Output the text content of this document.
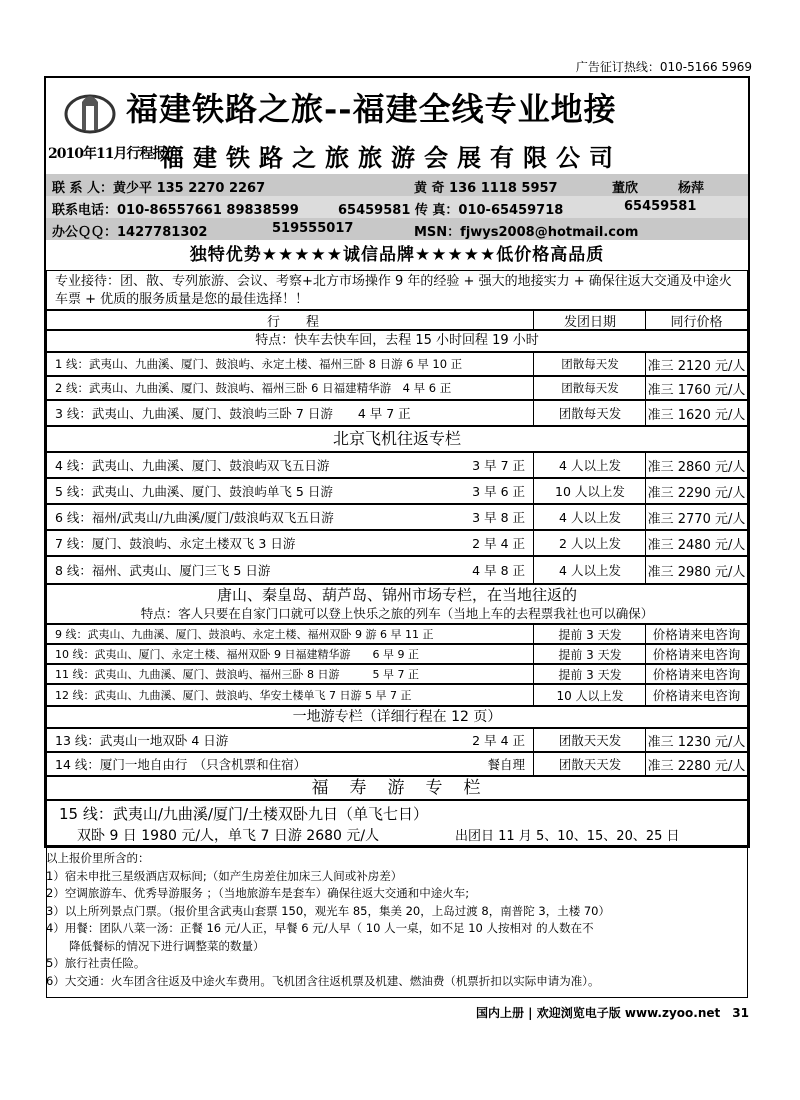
广告征订热线：010-5166 5969
福建铁路之旅--福建全线专业地接
2010年11月行程报价
福建铁路之旅旅游会展有限公司
联 系 人：黄少平 135 2270 2267	黄 奇 136 1118 5957	董欣	杨萍
联系电话：010-86557661 89838599	65459581 传 真：010-65459718	65459581
办公ＱＱ：1427781302	519555017	MSN：fjwys2008@hotmail.com
独特优势★★★★★诚信品牌★★★★★低价格高品质
专业接待：团、散、专列旅游、会议、考察+北方市场操作 9 年的经验 + 强大的地接实力 + 确保往返大交通及中途火车票 + 优质的服务质量是您的最佳选择！！
行　　程	发团日期	同行价格
特点：快车去快车回，去程 15 小时回程 19 小时
1 线：武夷山、九曲溪、厦门、鼓浪屿、永定土楼、福州三卧 8 日游 6 早 10 正	团散每天发	准三 2120 元/人
2 线：武夷山、九曲溪、厦门、鼓浪屿、福州三卧 6 日福建精华游　4 早 6 正	团散每天发	准三 1760 元/人
3 线：武夷山、九曲溪、厦门、鼓浪屿三卧 7 日游　　4 早 7 正	团散每天发	准三 1620 元/人
北京飞机往返专栏
4 线：武夷山、九曲溪、厦门、鼓浪屿双飞五日游	3 早 7 正	4 人以上发	准三 2860 元/人
5 线：武夷山、九曲溪、厦门、鼓浪屿单飞 5 日游	3 早 6 正	10 人以上发	准三 2290 元/人
6 线：福州/武夷山/九曲溪/厦门/鼓浪屿双飞五日游	3 早 8 正	4 人以上发	准三 2770 元/人
7 线：厦门、鼓浪屿、永定土楼双飞 3 日游	2 早 4 正	2 人以上发	准三 2480 元/人
8 线：福州、武夷山、厦门三飞 5 日游	4 早 8 正	4 人以上发	准三 2980 元/人
唐山、秦皇岛、葫芦岛、锦州市场专栏，在当地往返的
特点：客人只要在自家门口就可以登上快乐之旅的列车（当地上车的去程票我社也可以确保）
9 线：武夷山、九曲溪、厦门、鼓浪屿、永定土楼、福州双卧 9 游 6 早 11 正	提前 3 天发	价格请来电咨询
10 线：武夷山、厦门、永定土楼、福州双卧 9 日福建精华游　　6 早 9 正	提前 3 天发	价格请来电咨询
11 线：武夷山、九曲溪、厦门、鼓浪屿、福州三卧 8 日游　　　5 早 7 正	提前 3 天发	价格请来电咨询
12 线：武夷山、九曲溪、厦门、鼓浪屿、华安土楼单飞 7 日游 5 早 7 正	10 人以上发	价格请来电咨询
一地游专栏（详细行程在 12 页）
13 线：武夷山一地双卧 4 日游	2 早 4 正	团散天天发	准三 1230 元/人
14 线：厦门一地自由行　（只含机票和住宿）	餐自理	团散天天发	准三 2280 元/人
福　寿　游　专　栏
15 线：武夷山/九曲溪/厦门/土楼双卧九日（单飞七日）
双卧 9 日 1980 元/人，单飞 7 日游 2680 元/人	出团日 11 月 5、10、15、20、25 日
以上报价里所含的：
1）宿未申批三星级酒店双标间;（如产生房差住加床三人间或补房差）
2）空调旅游车、优秀导游服务 ；（当地旅游车是套车）确保往返大交通和中途火车;
3）以上所列景点门票。（报价里含武夷山套票 150，观光车 85，集美 20，上岛过渡 8，南普陀 3，土楼 70）
4）用餐：团队八菜一汤：正餐 16 元/人正，早餐 6 元/人早（ 10 人一桌，如不足 10 人按相对 的人数在不
　　降低餐标的情况下进行调整菜的数量）
5）旅行社责任险。
6）大交通：火车团含往返及中途火车费用。飞机团含往返机票及机建、燃油费（机票折扣以实际申请为准）。
国内上册 | 欢迎浏览电子版 www.zyoo.net　31
